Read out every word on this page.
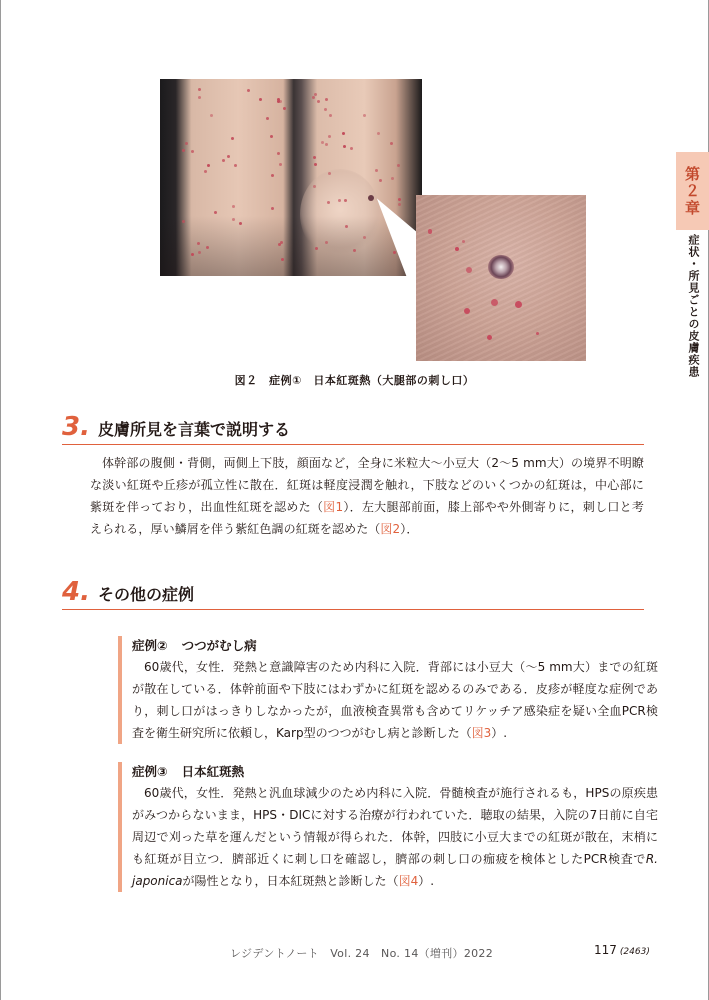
図２　症例①　日本紅斑熱（大腿部の刺し口）
第２章
症状・所見ごとの皮膚疾患
3. 皮膚所見を言葉で説明する

体幹部の腹側・背側，両側上下肢，顔面など，全身に米粒大〜小豆大（2〜5 mm大）の境界不明瞭な淡い紅斑や丘疹が孤立性に散在．紅斑は軽度浸潤を触れ，下肢などのいくつかの紅斑は，中心部に紫斑を伴っており，出血性紅斑を認めた（図1）．左大腿部前面，膝上部やや外側寄りに，刺し口と考えられる，厚い鱗屑を伴う紫紅色調の紅斑を認めた（図2）．

4. その他の症例
症例② つつがむし病
60歳代，女性．発熱と意識障害のため内科に入院．背部には小豆大（〜5 mm大）までの紅斑が散在している．体幹前面や下肢にはわずかに紅斑を認めるのみである．皮疹が軽度な症例であり，刺し口がはっきりしなかったが，血液検査異常も含めてリケッチア感染症を疑い全血PCR検査を衛生研究所に依頼し，Karp型のつつがむし病と診断した（図3）.
症例③ 日本紅斑熱
60歳代，女性．発熱と汎血球減少のため内科に入院．骨髄検査が施行されるも，HPSの原疾患がみつからないまま，HPS・DICに対する治療が行われていた．聴取の結果，入院の7日前に自宅周辺で刈った草を運んだという情報が得られた．体幹，四肢に小豆大までの紅斑が散在，末梢にも紅斑が目立つ．臍部近くに刺し口を確認し，臍部の刺し口の痂疲を検体としたPCR検査でR. japonicaが陽性となり，日本紅斑熱と診断した（図4）.
レジデントノート　Vol. 24　No. 14（増刊）2022	117 (2463)
